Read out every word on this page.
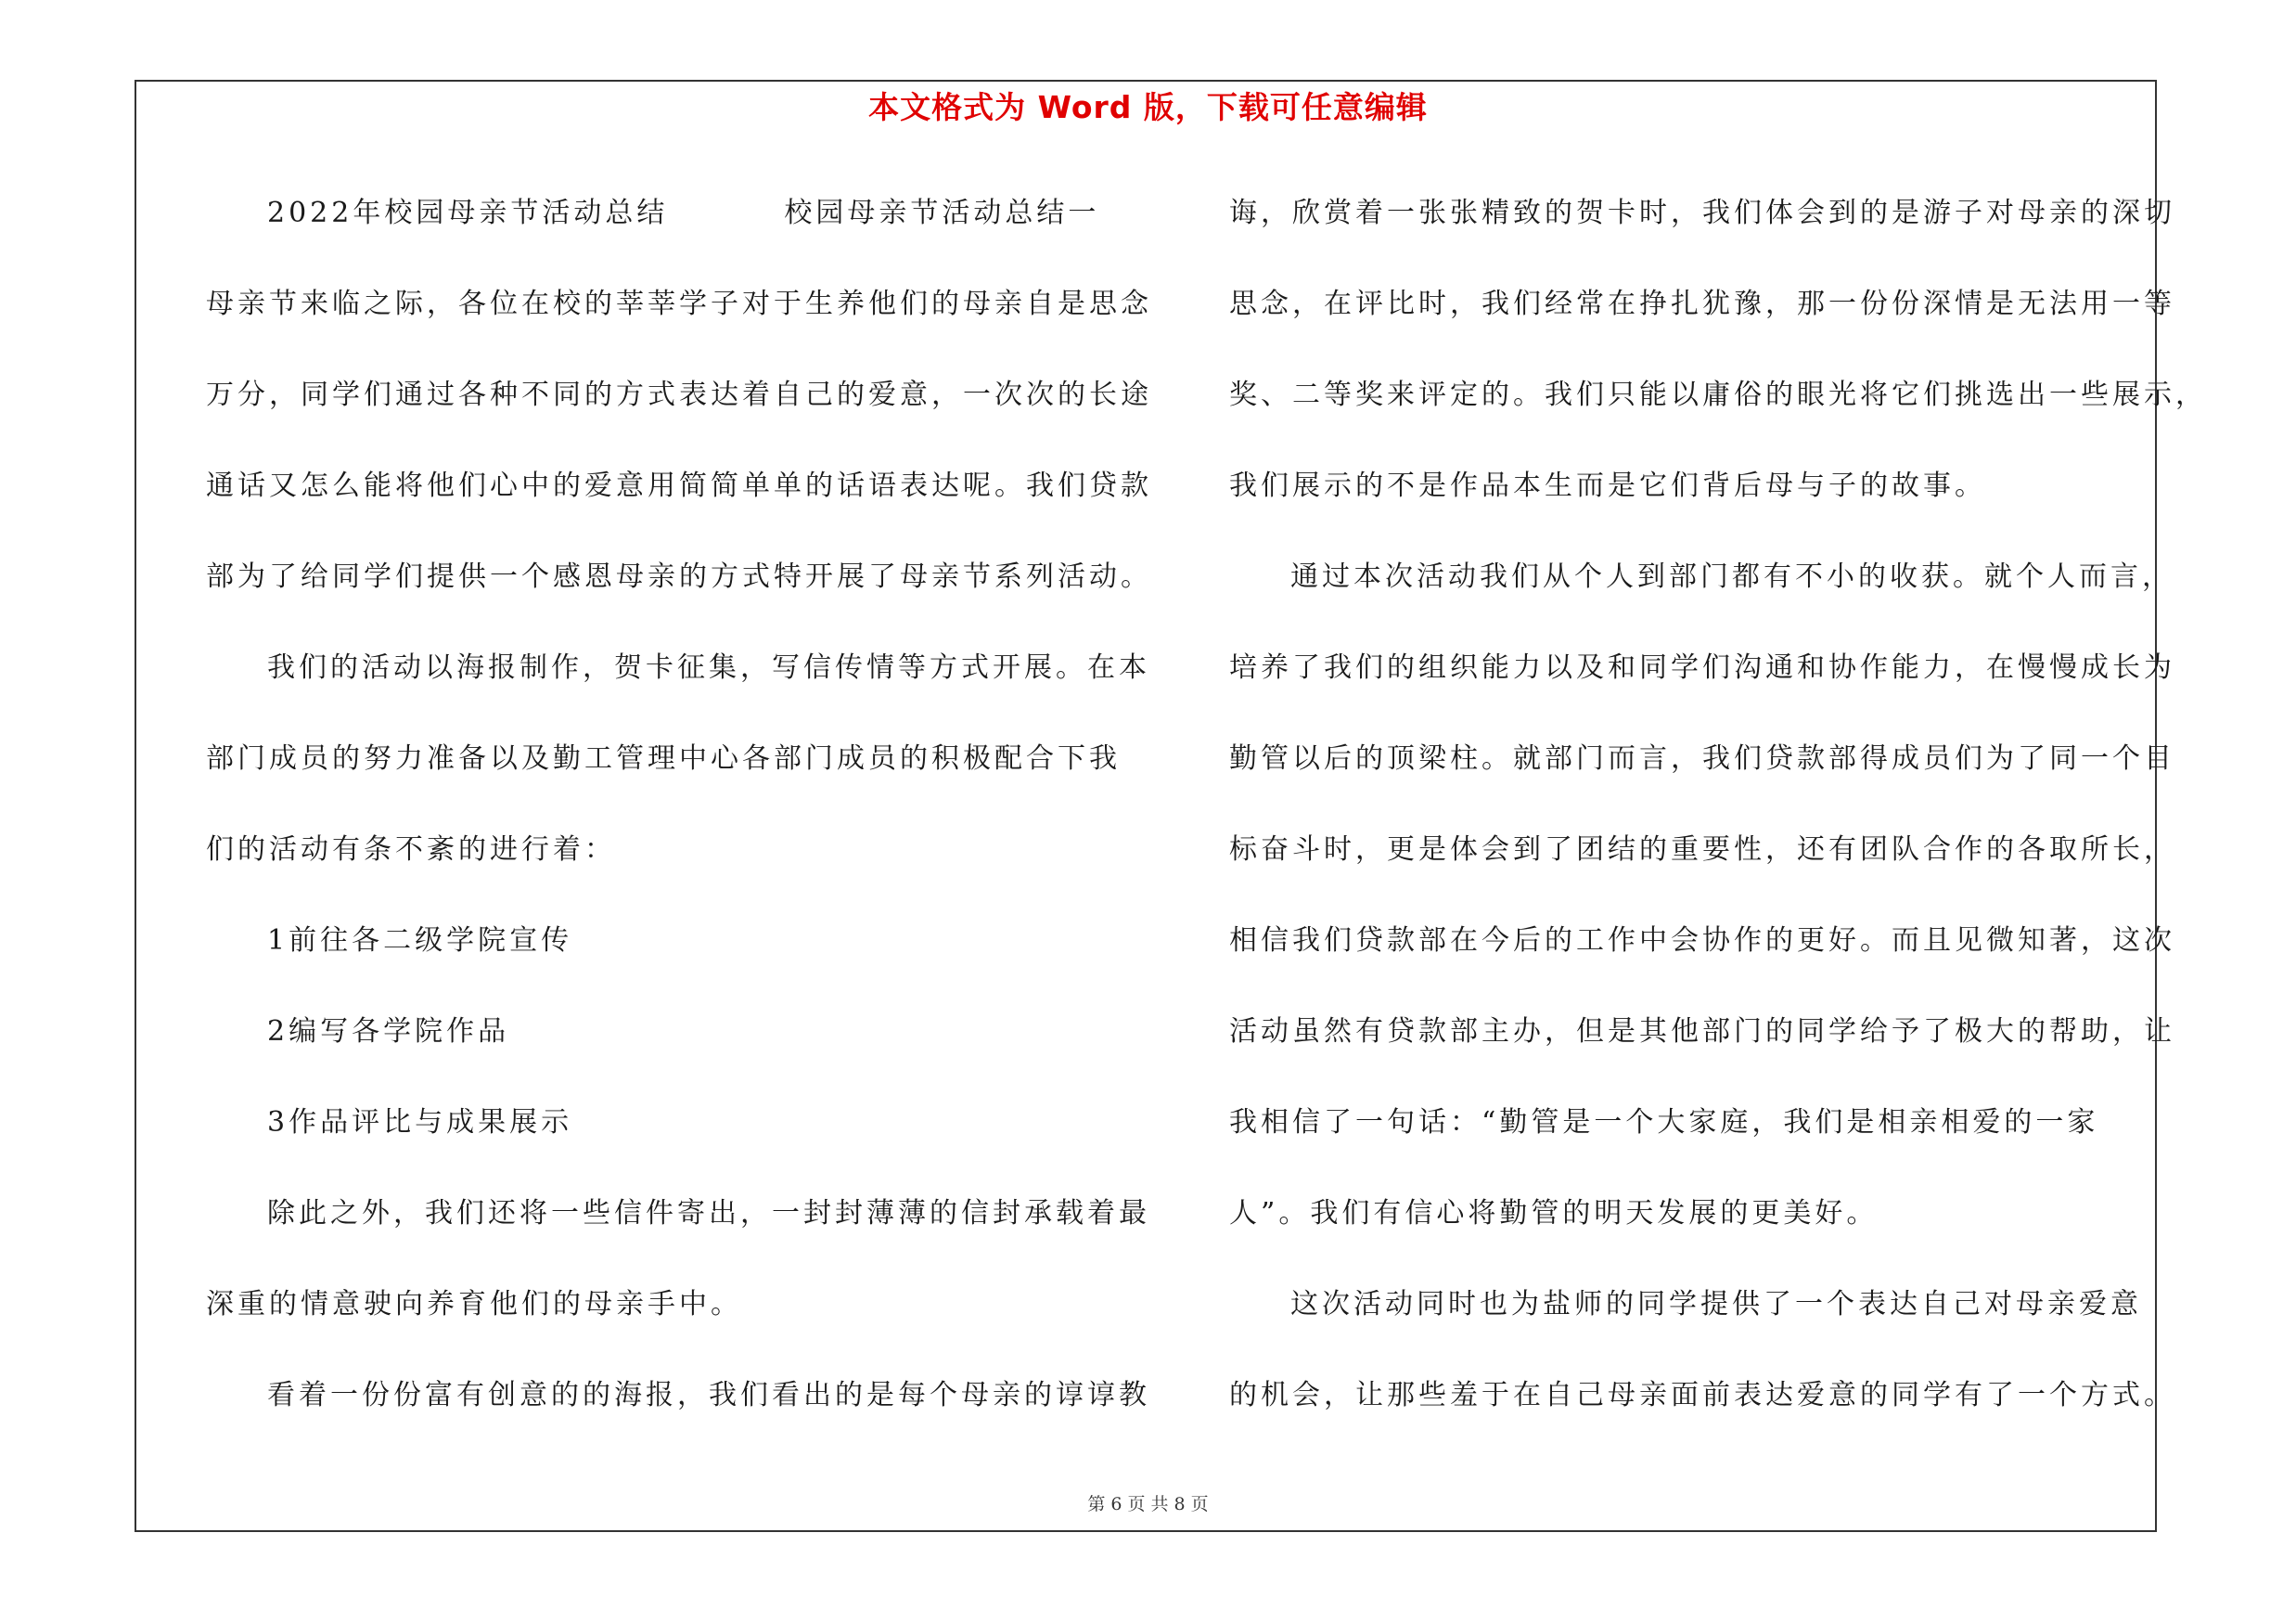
本文格式为 Word 版，下载可任意编辑
2022年校园母亲节活动总结	校园母亲节活动总结一
母亲节来临之际，各位在校的莘莘学子对于生养他们的母亲自是思念
万分，同学们通过各种不同的方式表达着自己的爱意，一次次的长途
通话又怎么能将他们心中的爱意用简简单单的话语表达呢。我们贷款
部为了给同学们提供一个感恩母亲的方式特开展了母亲节系列活动。
我们的活动以海报制作，贺卡征集，写信传情等方式开展。在本
部门成员的努力准备以及勤工管理中心各部门成员的积极配合下我
们的活动有条不紊的进行着：
1前往各二级学院宣传
2编写各学院作品
3作品评比与成果展示
除此之外，我们还将一些信件寄出，一封封薄薄的信封承载着最
深重的情意驶向养育他们的母亲手中。
看着一份份富有创意的的海报，我们看出的是每个母亲的谆谆教
诲，欣赏着一张张精致的贺卡时，我们体会到的是游子对母亲的深切
思念，在评比时，我们经常在挣扎犹豫，那一份份深情是无法用一等
奖、二等奖来评定的。我们只能以庸俗的眼光将它们挑选出一些展示，
我们展示的不是作品本生而是它们背后母与子的故事。
通过本次活动我们从个人到部门都有不小的收获。就个人而言，
培养了我们的组织能力以及和同学们沟通和协作能力，在慢慢成长为
勤管以后的顶梁柱。就部门而言，我们贷款部得成员们为了同一个目
标奋斗时，更是体会到了团结的重要性，还有团队合作的各取所长，
相信我们贷款部在今后的工作中会协作的更好。而且见微知著，这次
活动虽然有贷款部主办，但是其他部门的同学给予了极大的帮助，让
我相信了一句话：“勤管是一个大家庭，我们是相亲相爱的一家
人”。我们有信心将勤管的明天发展的更美好。
这次活动同时也为盐师的同学提供了一个表达自己对母亲爱意
的机会，让那些羞于在自己母亲面前表达爱意的同学有了一个方式。
第 6 页 共 8 页
